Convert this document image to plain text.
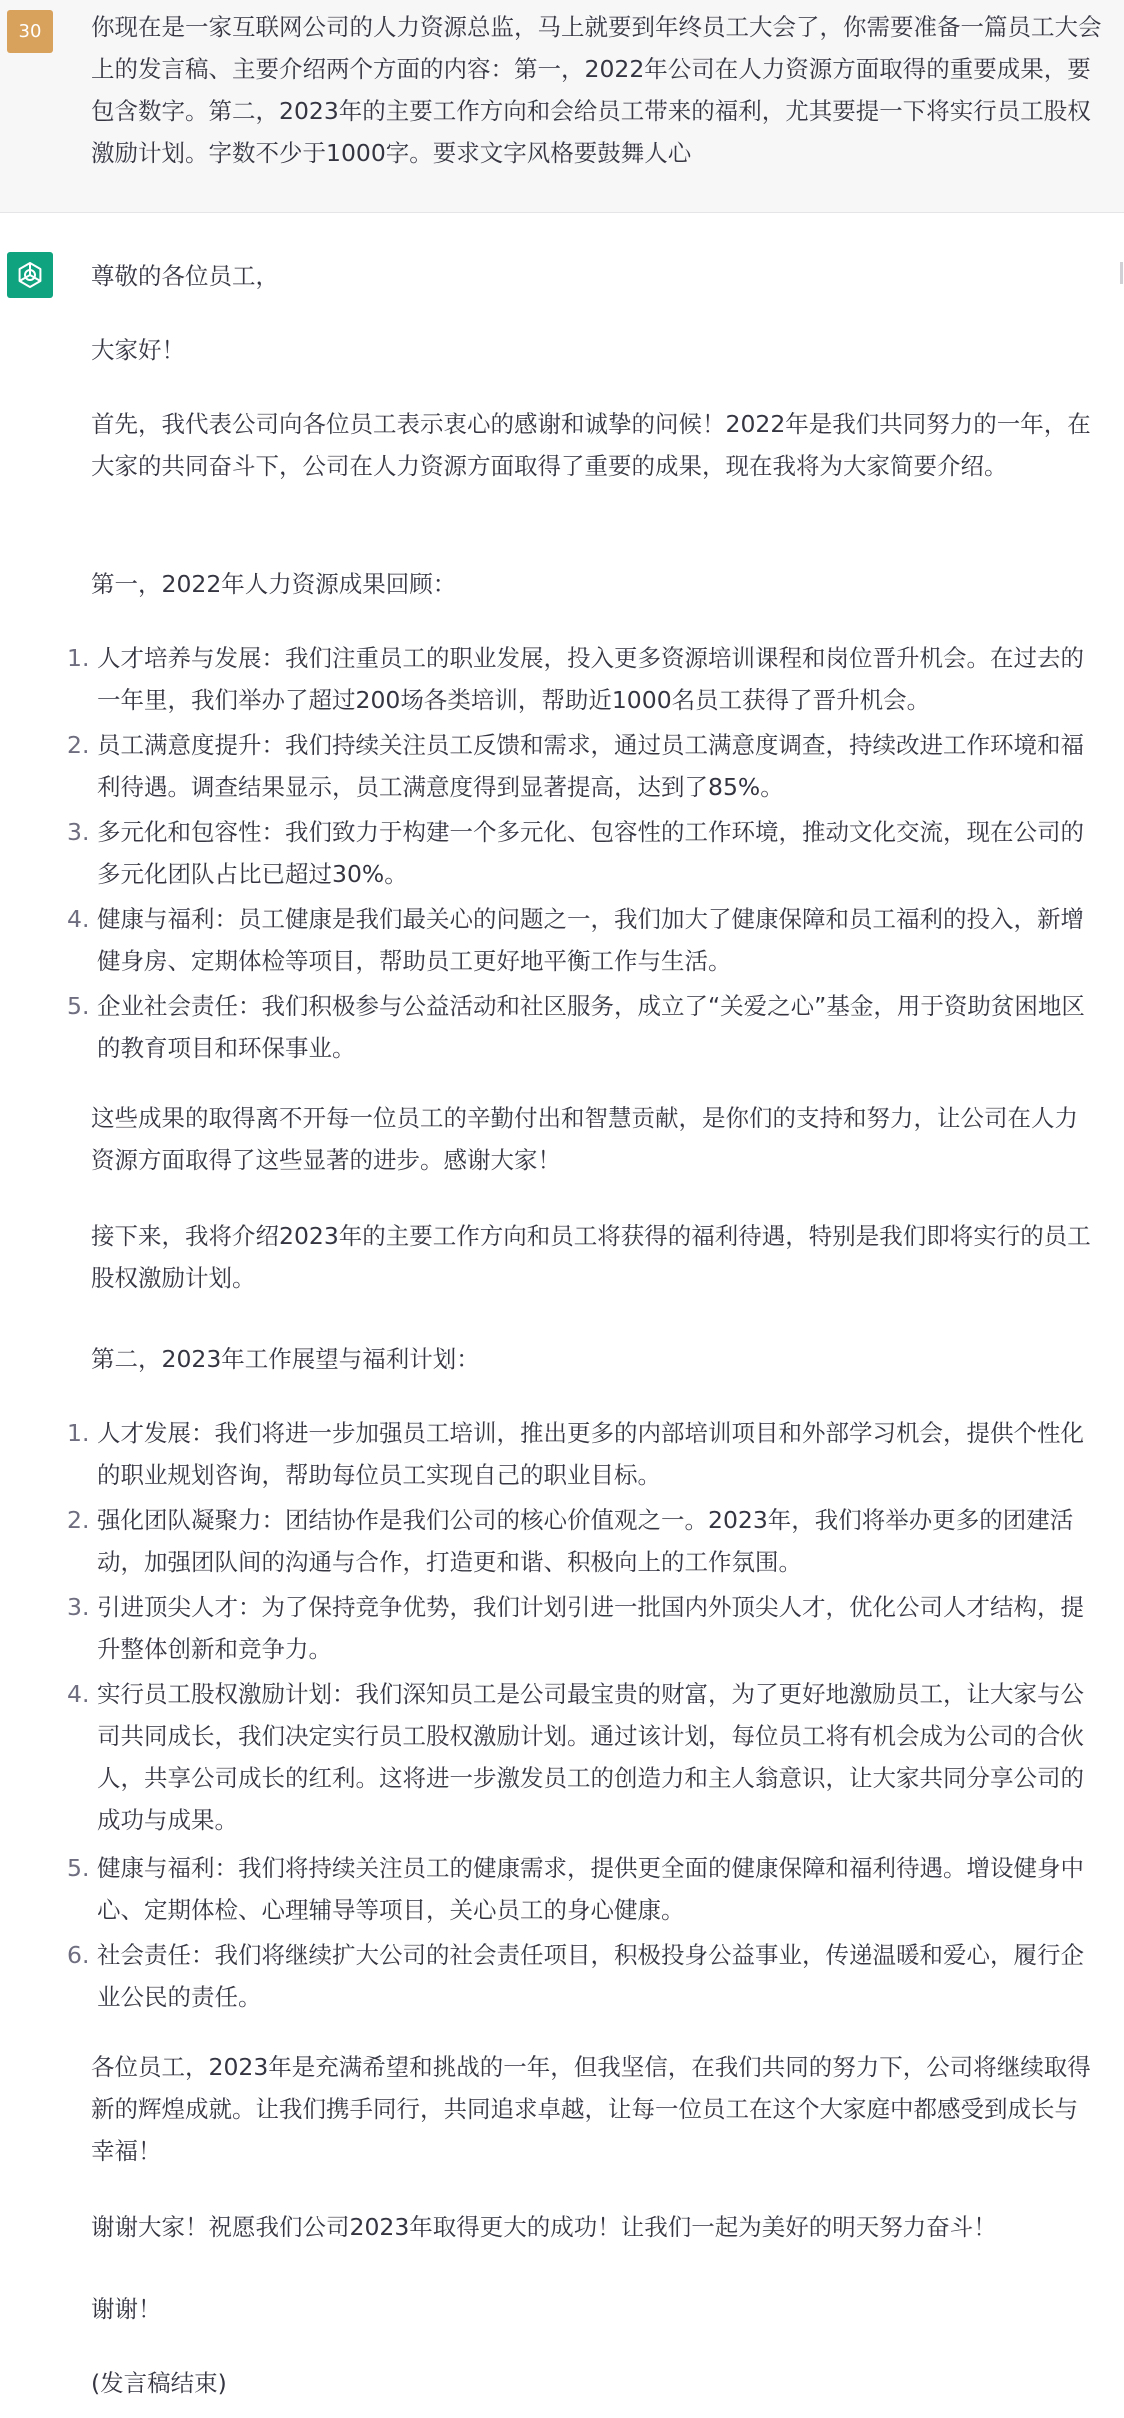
30	你现在是一家互联网公司的人力资源总监，马上就要到年终员工大会了，你需要准备一篇员工大会上的发言稿、主要介绍两个方面的内容：第一，2022年公司在人力资源方面取得的重要成果，要包含数字。第二，2023年的主要工作方向和会给员工带来的福利，尤其要提一下将实行员工股权激励计划。字数不少于1000字。要求文字风格要鼓舞人心

尊敬的各位员工，

大家好！

首先，我代表公司向各位员工表示衷心的感谢和诚挚的问候！2022年是我们共同努力的一年，在大家的共同奋斗下，公司在人力资源方面取得了重要的成果，现在我将为大家简要介绍。

第一，2022年人力资源成果回顾：

1. 人才培养与发展：我们注重员工的职业发展，投入更多资源培训课程和岗位晋升机会。在过去的一年里，我们举办了超过200场各类培训，帮助近1000名员工获得了晋升机会。
2. 员工满意度提升：我们持续关注员工反馈和需求，通过员工满意度调查，持续改进工作环境和福利待遇。调查结果显示，员工满意度得到显著提高，达到了85%。
3. 多元化和包容性：我们致力于构建一个多元化、包容性的工作环境，推动文化交流，现在公司的多元化团队占比已超过30%。
4. 健康与福利：员工健康是我们最关心的问题之一，我们加大了健康保障和员工福利的投入，新增健身房、定期体检等项目，帮助员工更好地平衡工作与生活。
5. 企业社会责任：我们积极参与公益活动和社区服务，成立了“关爱之心”基金，用于资助贫困地区的教育项目和环保事业。

这些成果的取得离不开每一位员工的辛勤付出和智慧贡献，是你们的支持和努力，让公司在人力资源方面取得了这些显著的进步。感谢大家！

接下来，我将介绍2023年的主要工作方向和员工将获得的福利待遇，特别是我们即将实行的员工股权激励计划。

第二，2023年工作展望与福利计划：

1. 人才发展：我们将进一步加强员工培训，推出更多的内部培训项目和外部学习机会，提供个性化的职业规划咨询，帮助每位员工实现自己的职业目标。
2. 强化团队凝聚力：团结协作是我们公司的核心价值观之一。2023年，我们将举办更多的团建活动，加强团队间的沟通与合作，打造更和谐、积极向上的工作氛围。
3. 引进顶尖人才：为了保持竞争优势，我们计划引进一批国内外顶尖人才，优化公司人才结构，提升整体创新和竞争力。
4. 实行员工股权激励计划：我们深知员工是公司最宝贵的财富，为了更好地激励员工，让大家与公司共同成长，我们决定实行员工股权激励计划。通过该计划，每位员工将有机会成为公司的合伙人，共享公司成长的红利。这将进一步激发员工的创造力和主人翁意识，让大家共同分享公司的成功与成果。
5. 健康与福利：我们将持续关注员工的健康需求，提供更全面的健康保障和福利待遇。增设健身中心、定期体检、心理辅导等项目，关心员工的身心健康。
6. 社会责任：我们将继续扩大公司的社会责任项目，积极投身公益事业，传递温暖和爱心，履行企业公民的责任。

各位员工，2023年是充满希望和挑战的一年，但我坚信，在我们共同的努力下，公司将继续取得新的辉煌成就。让我们携手同行，共同追求卓越，让每一位员工在这个大家庭中都感受到成长与幸福！

谢谢大家！祝愿我们公司2023年取得更大的成功！让我们一起为美好的明天努力奋斗！

谢谢！

(发言稿结束)
